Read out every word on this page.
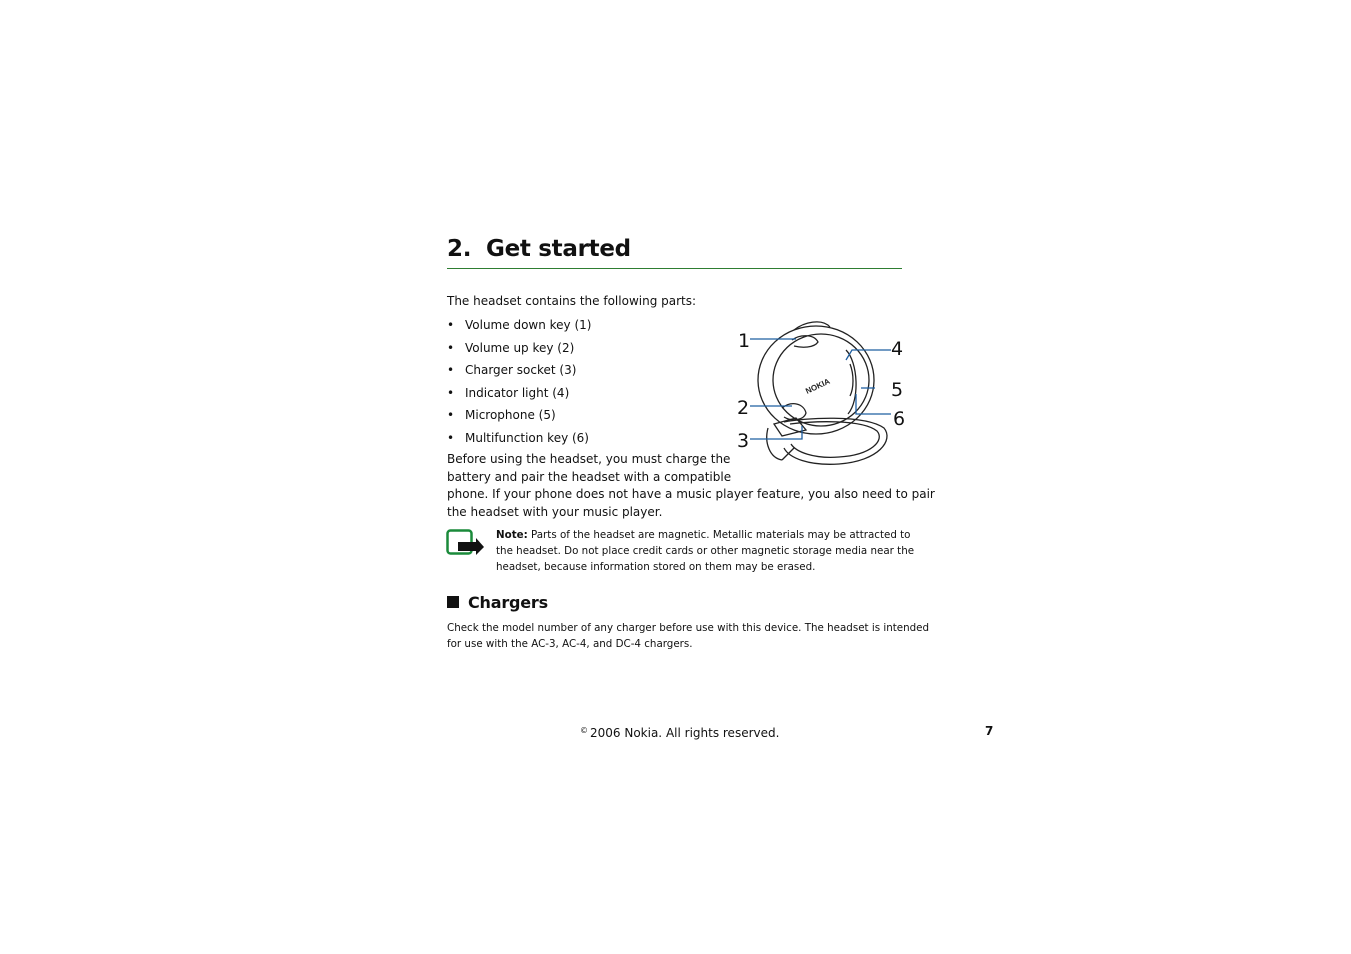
2. Get started

The headset contains the following parts:

• Volume down key (1)
• Volume up key (2)
• Charger socket (3)
• Indicator light (4)
• Microphone (5)
• Multifunction key (6)
NOKIA
1
2
3
4
5
6

Before using the headset, you must charge the
battery and pair the headset with a compatible
phone. If your phone does not have a music player feature, you also need to pair
the headset with your music player.

Note: Parts of the headset are magnetic. Metallic materials may be attracted to
the headset. Do not place credit cards or other magnetic storage media near the
headset, because information stored on them may be erased.

Chargers

Check the model number of any charger before use with this device. The headset is intended
for use with the AC-3, AC-4, and DC-4 chargers.

© 2006 Nokia. All rights reserved.	7
